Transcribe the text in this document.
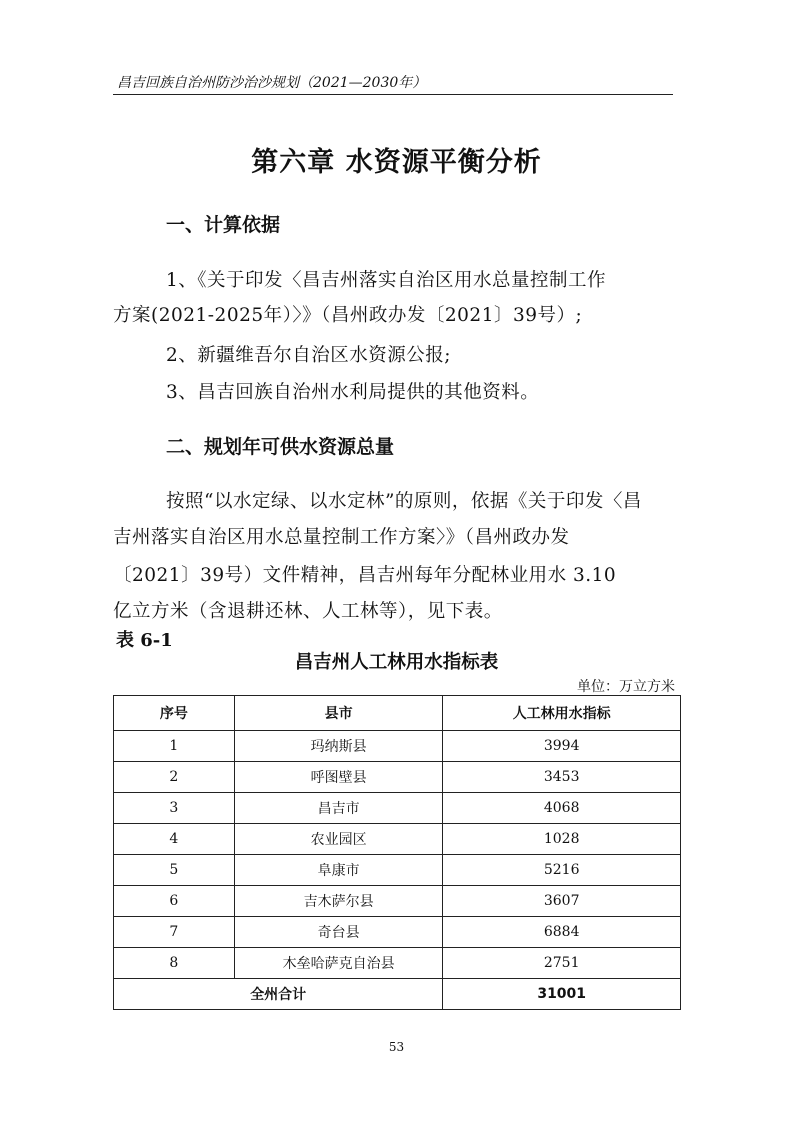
昌吉回族自治州防沙治沙规划（2021—2030年）
第六章 水资源平衡分析
一、计算依据
1、《关于印发〈昌吉州落实自治区用水总量控制工作
方案(2021-2025年）〉》（昌州政办发〔2021〕39号）;
2、新疆维吾尔自治区水资源公报;
3、昌吉回族自治州水利局提供的其他资料。
二、规划年可供水资源总量
按照“以水定绿、以水定林”的原则，依据《关于印发〈昌
吉州落实自治区用水总量控制工作方案〉》（昌州政办发
〔2021〕39号）文件精神，昌吉州每年分配林业用水 3.10
亿立方米（含退耕还林、人工林等），见下表。
表 6-1
昌吉州人工林用水指标表
单位：万立方米
序号	县市	人工林用水指标
1	玛纳斯县	3994
2	呼图壁县	3453
3	昌吉市	4068
4	农业园区	1028
5	阜康市	5216
6	吉木萨尔县	3607
7	奇台县	6884
8	木垒哈萨克自治县	2751
全州合计		31001
53
